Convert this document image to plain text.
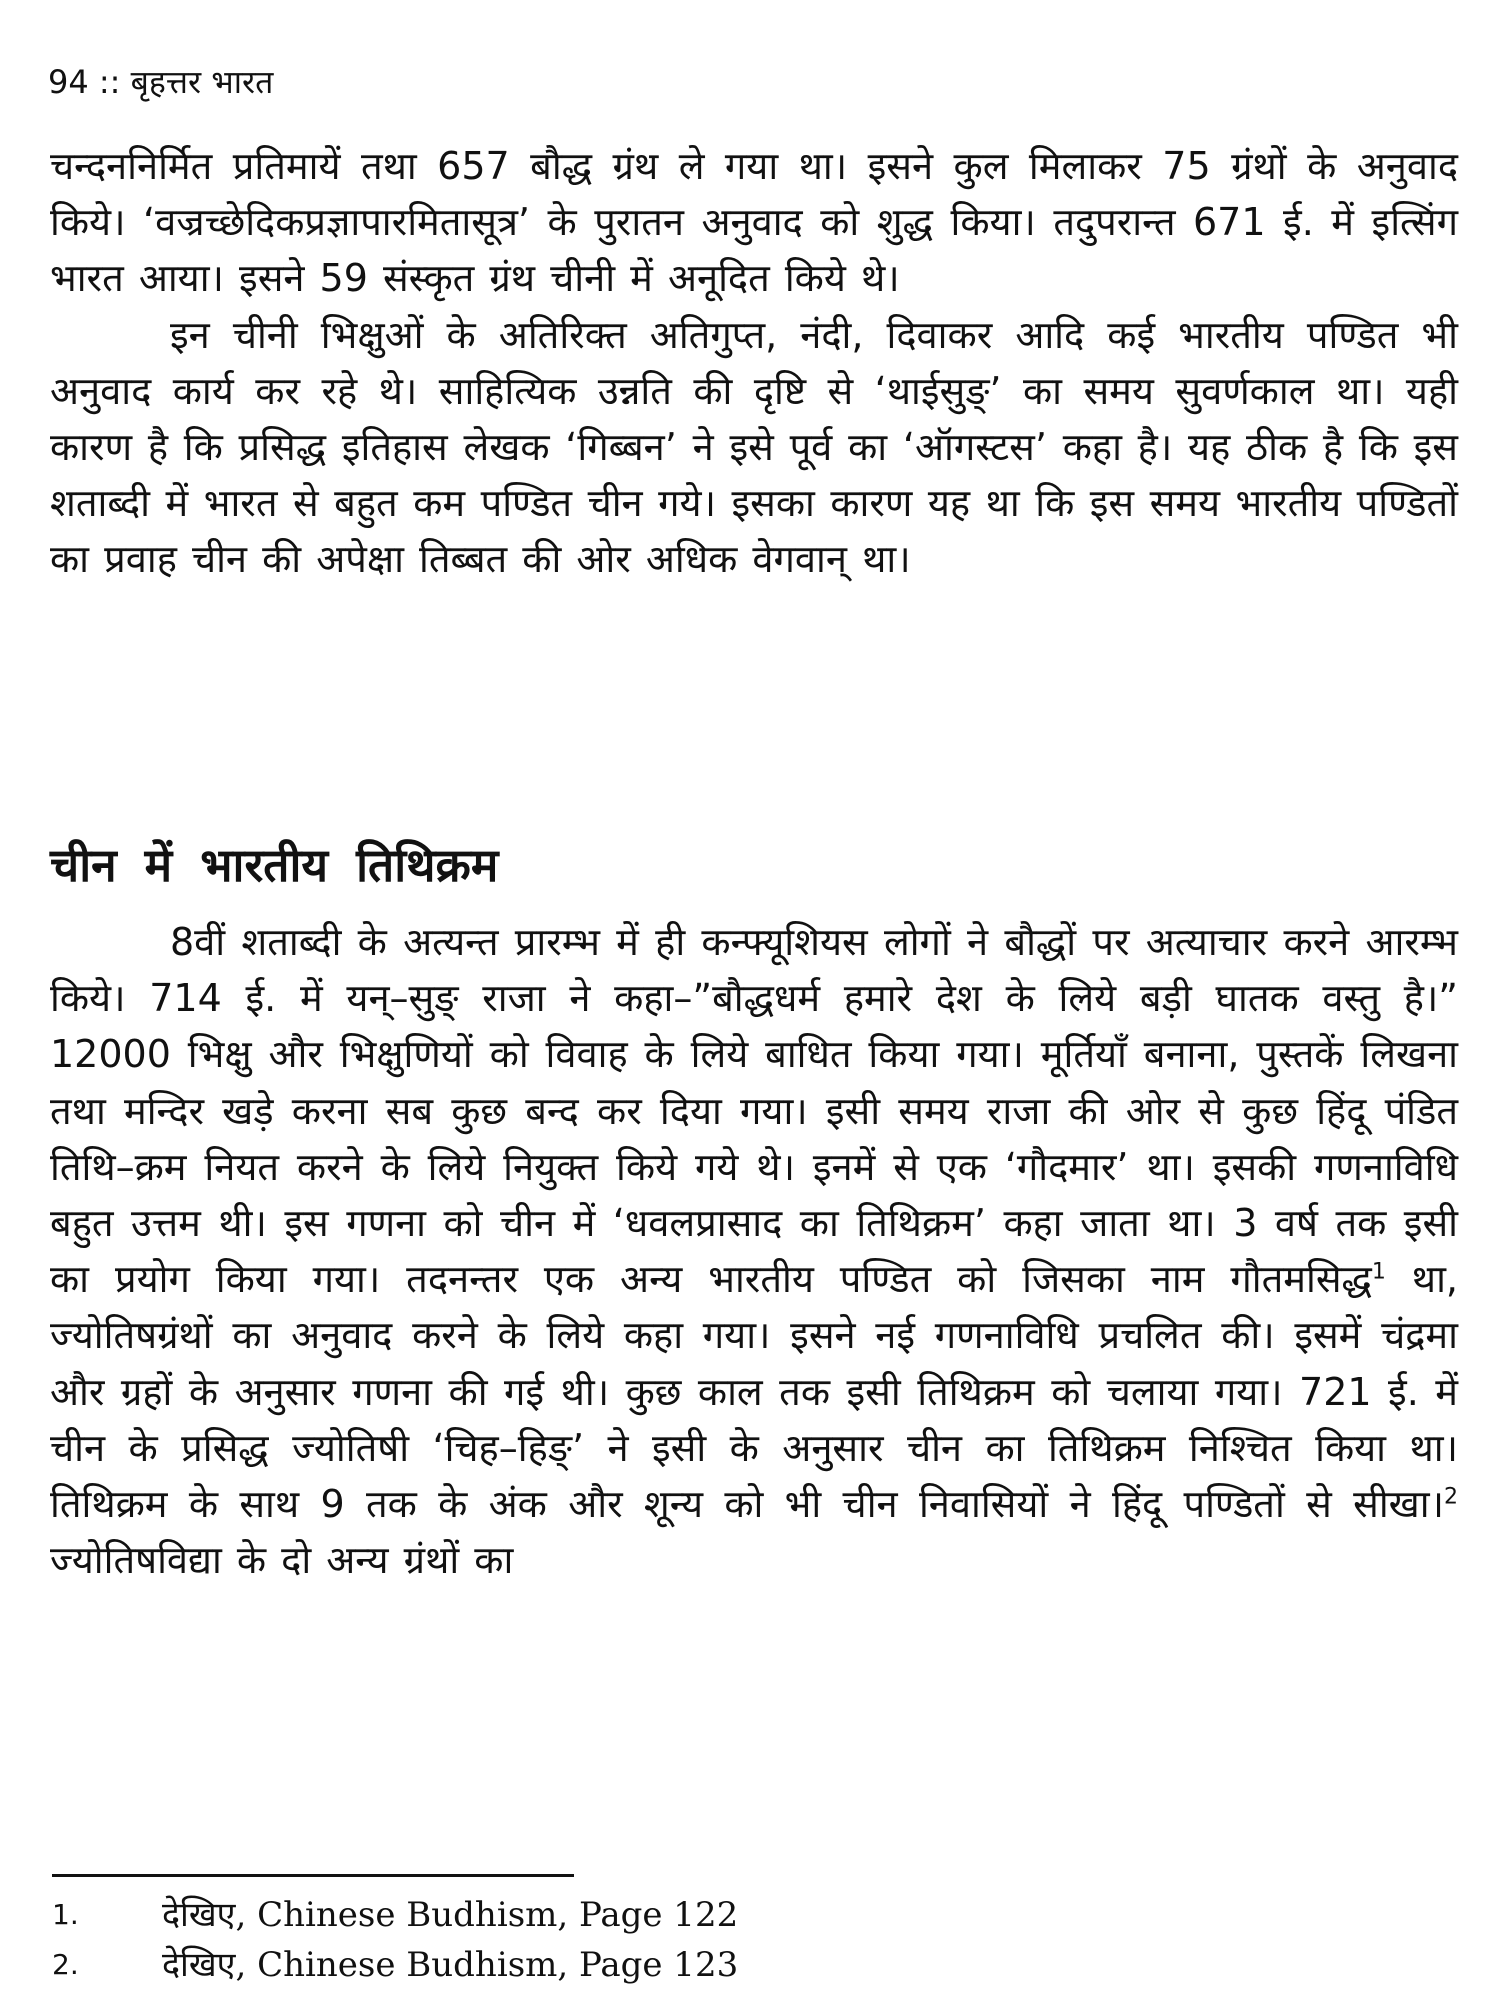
94 :: बृहत्तर भारत

चन्दननिर्मित प्रतिमायें तथा 657 बौद्ध ग्रंथ ले गया था। इसने कुल मिलाकर 75 ग्रंथों के अनुवाद किये। ‘वज्रच्छेदिकप्रज्ञापारमितासूत्र’ के पुरातन अनुवाद को शुद्ध किया। तदुपरान्त 671 ई. में इत्सिंग भारत आया। इसने 59 संस्कृत ग्रंथ चीनी में अनूदित किये थे।

इन चीनी भिक्षुओं के अतिरिक्त अतिगुप्त, नंदी, दिवाकर आदि कई भारतीय पण्डित भी अनुवाद कार्य कर रहे थे। साहित्यिक उन्नति की दृष्टि से ‘थाईसुङ्’ का समय सुवर्णकाल था। यही कारण है कि प्रसिद्ध इतिहास लेखक ‘गिब्बन’ ने इसे पूर्व का ‘ऑगस्टस’ कहा है। यह ठीक है कि इस शताब्दी में भारत से बहुत कम पण्डित चीन गये। इसका कारण यह था कि इस समय भारतीय पण्डितों का प्रवाह चीन की अपेक्षा तिब्बत की ओर अधिक वेगवान् था।

चीन में भारतीय तिथिक्रम

8वीं शताब्दी के अत्यन्त प्रारम्भ में ही कन्फ्यूशियस लोगों ने बौद्धों पर अत्याचार करने आरम्भ किये। 714 ई. में यन्–सुङ् राजा ने कहा–”बौद्धधर्म हमारे देश के लिये बड़ी घातक वस्तु है।” 12000 भिक्षु और भिक्षुणियों को विवाह के लिये बाधित किया गया। मूर्तियाँ बनाना, पुस्तकें लिखना तथा मन्दिर खड़े करना सब कुछ बन्द कर दिया गया। इसी समय राजा की ओर से कुछ हिंदू पंडित तिथि–क्रम नियत करने के लिये नियुक्त किये गये थे। इनमें से एक ‘गौदमार’ था। इसकी गणनाविधि बहुत उत्तम थी। इस गणना को चीन में ‘धवलप्रासाद का तिथिक्रम’ कहा जाता था। 3 वर्ष तक इसी का प्रयोग किया गया। तदनन्तर एक अन्य भारतीय पण्डित को जिसका नाम गौतमसिद्ध$^1$ था, ज्योतिषग्रंथों का अनुवाद करने के लिये कहा गया। इसने नई गणनाविधि प्रचलित की। इसमें चंद्रमा और ग्रहों के अनुसार गणना की गई थी। कुछ काल तक इसी तिथिक्रम को चलाया गया। 721 ई. में चीन के प्रसिद्ध ज्योतिषी ‘चिह–हिङ्’ ने इसी के अनुसार चीन का तिथिक्रम निश्चित किया था। तिथिक्रम के साथ 9 तक के अंक और शून्य को भी चीन निवासियों ने हिंदू पण्डितों से सीखा।$^2$ ज्योतिषविद्या के दो अन्य ग्रंथों का

1.	देखिए, Chinese Budhism, Page 122
2.	देखिए, Chinese Budhism, Page 123
